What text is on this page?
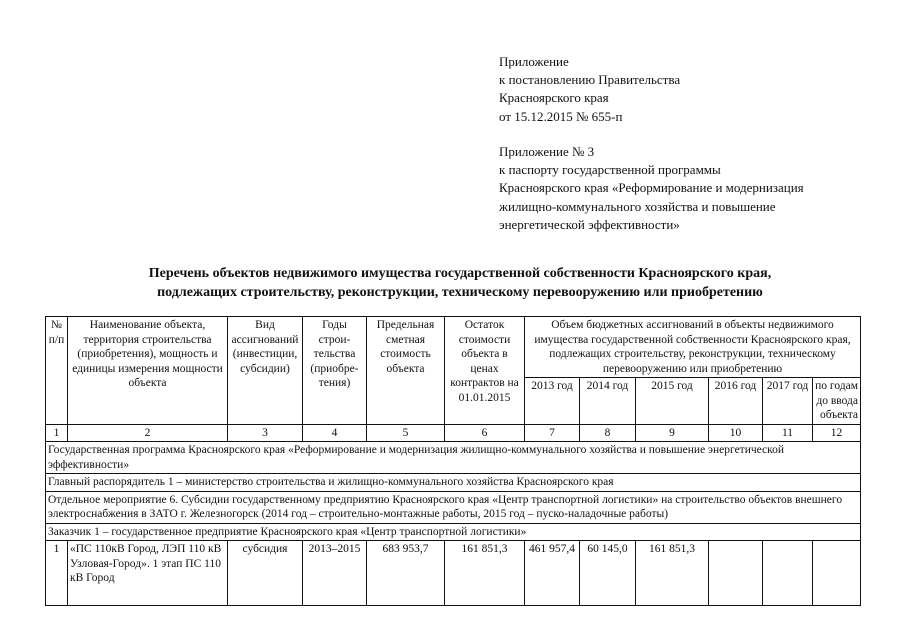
Приложение
к постановлению Правительства
Красноярского края
от 15.12.2015 № 655-п
Приложение № 3
к паспорту государственной программы
Красноярского края «Реформирование и модернизация
жилищно-коммунального хозяйства и повышение
энергетической эффективности»
Перечень объектов недвижимого имущества государственной собственности Красноярского края,
подлежащих строительству, реконструкции, техническому перевооружению или приобретению
№ п/п	Наименование объекта, территория строительства (приобретения), мощность и единицы измерения мощности объекта	Вид ассигнований (инвестиции, субсидии)	Годы строи-тельства (приобре-тения)	Предельная сметная стоимость объекта	Остаток стоимости объекта в ценах контрактов на 01.01.2015	Объем бюджетных ассигнований в объекты недвижимого имущества государственной собственности Красноярского края, подлежащих строительству, реконструкции, техническому перевооружению или приобретению					
						2013 год	2014 год	2015 год	2016 год	2017 год	по годам до ввода объекта
1	2	3	4	5	6	7	8	9	10	11	12
Государственная программа Красноярского края «Реформирование и модернизация жилищно-коммунального хозяйства и повышение энергетической эффективности»											
Главный распорядитель 1 – министерство строительства и жилищно-коммунального хозяйства Красноярского края											
Отдельное мероприятие 6. Субсидии государственному предприятию Красноярского края «Центр транспортной логистики» на строительство объектов внешнего электроснабжения в ЗАТО г. Железногорск (2014 год – строительно-монтажные работы, 2015 год – пуско-наладочные работы)											
Заказчик 1 – государственное предприятие Красноярского края «Центр транспортной логистики»											
1	«ПС 110кВ Город, ЛЭП 110 кВ Узловая-Город». 1 этап ПС 110 кВ Город	субсидия	2013–2015	683 953,7	161 851,3	461 957,4	60 145,0	161 851,3			
